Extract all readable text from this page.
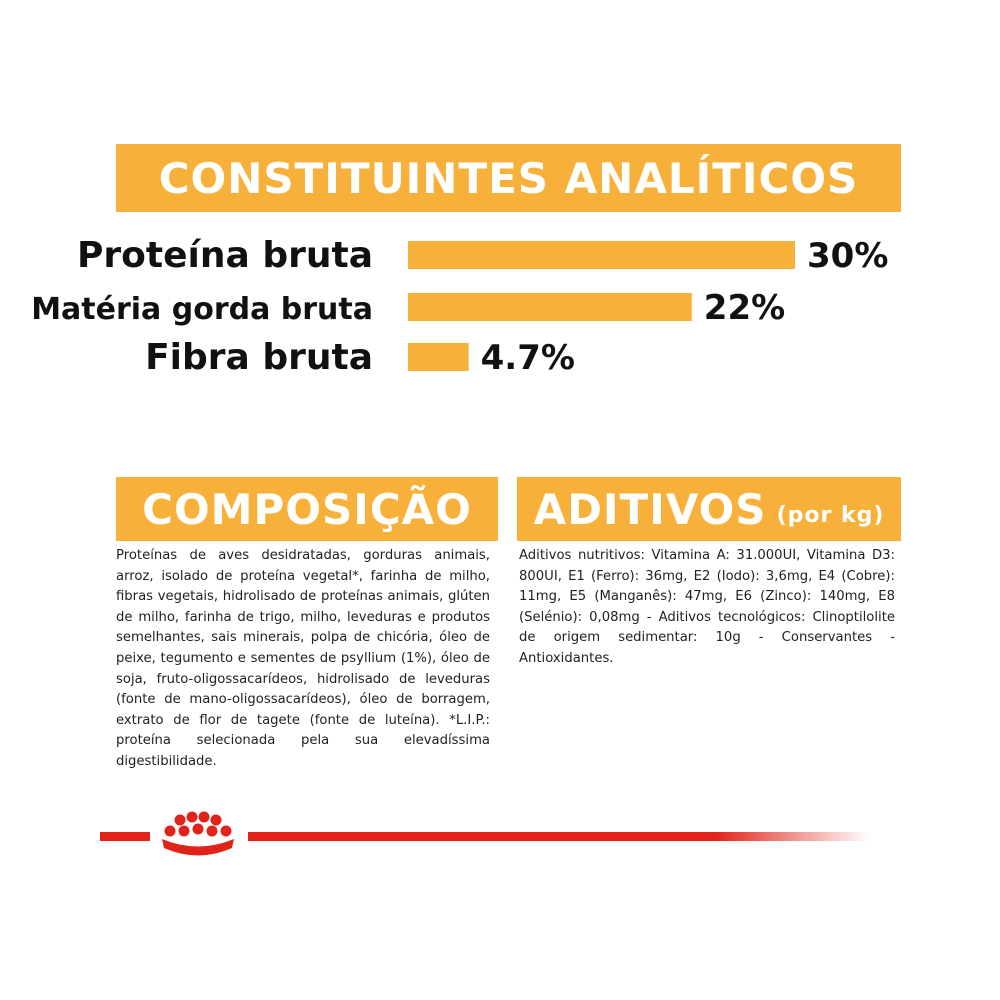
CONSTITUINTES ANALÍTICOS
Proteína bruta	30%
Matéria gorda bruta	22%
Fibra bruta	4.7%
COMPOSIÇÃO ADITIVOS (por kg)
Proteínas de aves desidratadas, gorduras animais, arroz, isolado de proteína vegetal*, farinha de milho, fibras vegetais, hidrolisado de proteínas animais, glúten de milho, farinha de trigo, milho, leveduras e produtos semelhantes, sais minerais, polpa de chicória, óleo de peixe, tegumento e sementes de psyllium (1%), óleo de soja, fruto-oligossacarídeos, hidrolisado de leveduras (fonte de mano-oligossacarídeos), óleo de borragem, extrato de flor de tagete (fonte de luteína). *L.I.P.: proteína selecionada pela sua elevadíssima digestibilidade.
Aditivos nutritivos: Vitamina A: 31.000UI, Vitamina D3: 800UI, E1 (Ferro): 36mg, E2 (Iodo): 3,6mg, E4 (Cobre): 11mg, E5 (Manganês): 47mg, E6 (Zinco): 140mg, E8 (Selénio): 0,08mg - Aditivos tecnológicos: Clinoptilolite de origem sedimentar: 10g - Conservantes - Antioxidantes.
